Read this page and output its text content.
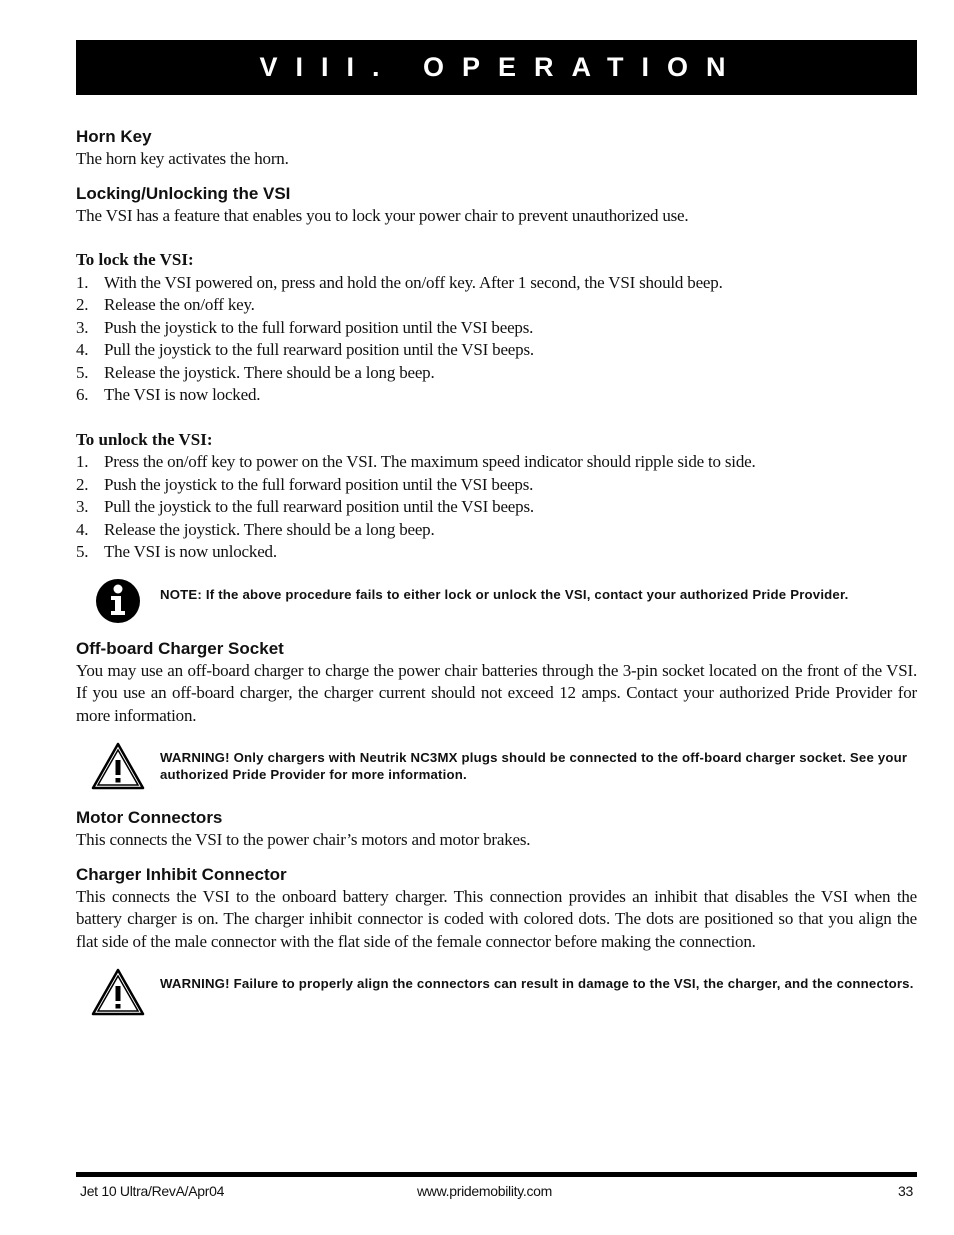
VIII. OPERATION
Horn Key

The horn key activates the horn.

Locking/Unlocking the VSI

The VSI has a feature that enables you to lock your power chair to prevent unauthorized use.

To lock the VSI:
1. With the VSI powered on, press and hold the on/off key. After 1 second, the VSI should beep.
2. Release the on/off key.
3. Push the joystick to the full forward position until the VSI beeps.
4. Pull the joystick to the full rearward position until the VSI beeps.
5. Release the joystick. There should be a long beep.
6. The VSI is now locked.
To unlock the VSI:
1. Press the on/off key to power on the VSI. The maximum speed indicator should ripple side to side.
2. Push the joystick to the full forward position until the VSI beeps.
3. Pull the joystick to the full rearward position until the VSI beeps.
4. Release the joystick. There should be a long beep.
5. The VSI is now unlocked.
NOTE: If the above procedure fails to either lock or unlock the VSI, contact your authorized Pride Provider.
Off-board Charger Socket

You may use an off-board charger to charge the power chair batteries through the 3-pin socket located on the front of the VSI. If you use an off-board charger, the charger current should not exceed 12 amps. Contact your authorized Pride Provider for more information.

WARNING! Only chargers with Neutrik NC3MX plugs should be connected to the off-board charger socket. See your authorized Pride Provider for more information.
Motor Connectors

This connects the VSI to the power chair’s motors and motor brakes.

Charger Inhibit Connector

This connects the VSI to the onboard battery charger. This connection provides an inhibit that disables the VSI when the battery charger is on. The charger inhibit connector is coded with colored dots. The dots are positioned so that you align the flat side of the male connector with the flat side of the female connector before making the connection.

WARNING! Failure to properly align the connectors can result in damage to the VSI, the charger, and the connectors.
Jet 10 Ultra/RevA/Apr04	www.pridemobility.com	33
